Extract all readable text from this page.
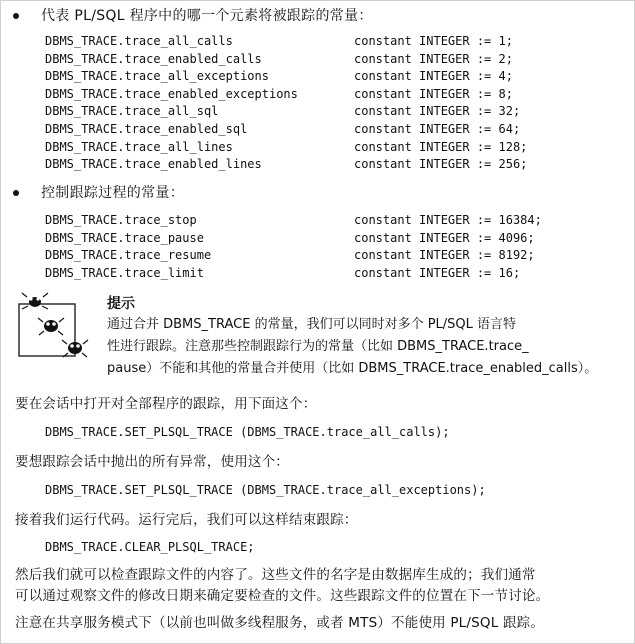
代表 PL/SQL 程序中的哪一个元素将被跟踪的常量：
DBMS_TRACE.trace_all_calls	constant INTEGER := 1;
DBMS_TRACE.trace_enabled_calls	constant INTEGER := 2;
DBMS_TRACE.trace_all_exceptions	constant INTEGER := 4;
DBMS_TRACE.trace_enabled_exceptions	constant INTEGER := 8;
DBMS_TRACE.trace_all_sql	constant INTEGER := 32;
DBMS_TRACE.trace_enabled_sql	constant INTEGER := 64;
DBMS_TRACE.trace_all_lines	constant INTEGER := 128;
DBMS_TRACE.trace_enabled_lines	constant INTEGER := 256;
控制跟踪过程的常量：
DBMS_TRACE.trace_stop	constant INTEGER := 16384;
DBMS_TRACE.trace_pause	constant INTEGER := 4096;
DBMS_TRACE.trace_resume	constant INTEGER := 8192;
DBMS_TRACE.trace_limit	constant INTEGER := 16;
提示
通过合并 DBMS_TRACE 的常量，我们可以同时对多个 PL/SQL 语言特
性进行跟踪。注意那些控制跟踪行为的常量（比如 DBMS_TRACE.trace_
pause）不能和其他的常量合并使用（比如 DBMS_TRACE.trace_enabled_calls）。
要在会话中打开对全部程序的跟踪，用下面这个：
DBMS_TRACE.SET_PLSQL_TRACE (DBMS_TRACE.trace_all_calls);
要想跟踪会话中抛出的所有异常，使用这个：
DBMS_TRACE.SET_PLSQL_TRACE (DBMS_TRACE.trace_all_exceptions);
接着我们运行代码。运行完后，我们可以这样结束跟踪：
DBMS_TRACE.CLEAR_PLSQL_TRACE;
然后我们就可以检查跟踪文件的内容了。这些文件的名字是由数据库生成的；我们通常
可以通过观察文件的修改日期来确定要检查的文件。这些跟踪文件的位置在下一节讨论。
注意在共享服务模式下（以前也叫做多线程服务，或者 MTS）不能使用 PL/SQL 跟踪。
